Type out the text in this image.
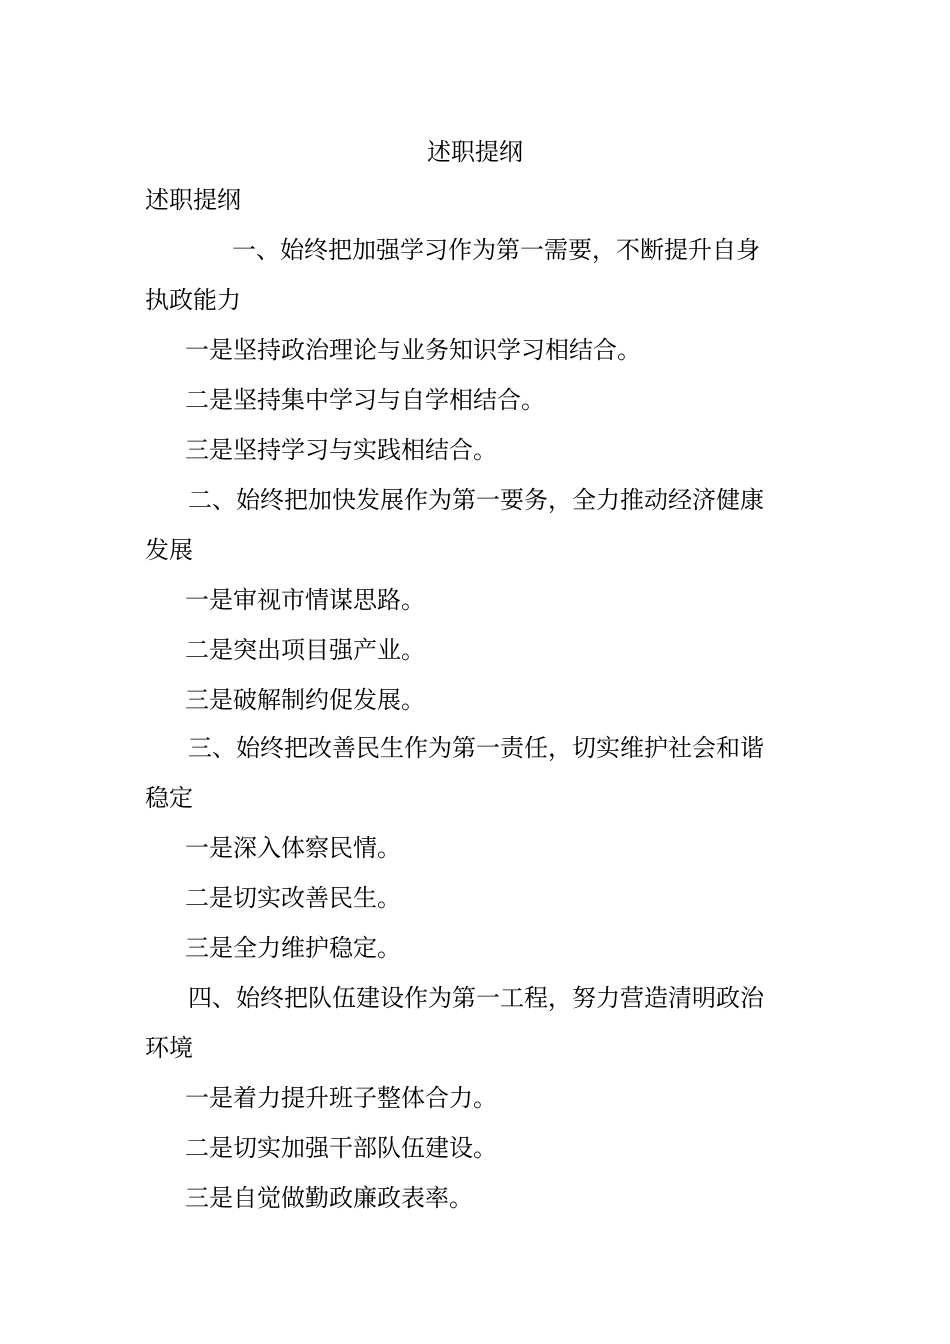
述职提纲
述职提纲
一、始终把加强学习作为第一需要，不断提升自身
执政能力
一是坚持政治理论与业务知识学习相结合。
二是坚持集中学习与自学相结合。
三是坚持学习与实践相结合。
二、始终把加快发展作为第一要务，全力推动经济健康
发展
一是审视市情谋思路。
二是突出项目强产业。
三是破解制约促发展。
三、始终把改善民生作为第一责任，切实维护社会和谐
稳定
一是深入体察民情。
二是切实改善民生。
三是全力维护稳定。
四、始终把队伍建设作为第一工程，努力营造清明政治
环境
一是着力提升班子整体合力。
二是切实加强干部队伍建设。
三是自觉做勤政廉政表率。
